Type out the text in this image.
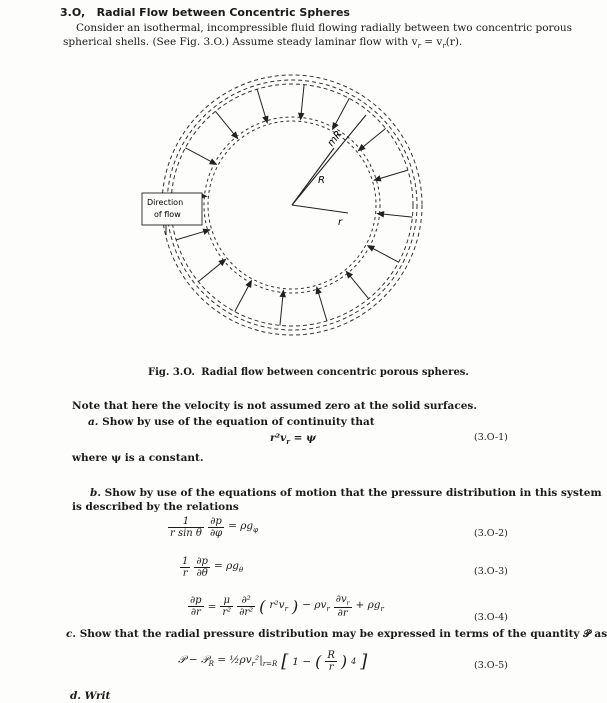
3.O,   Radial Flow between Concentric Spheres
Consider an isothermal, incompressible fluid flowing radially between two concentric porous
spherical shells. (See Fig. 3.O.) Assume steady laminar flow with $v_r = v_r(r)$.
mR
R
r
Direction
of flow
Fig. 3.O. Radial flow between concentric porous spheres.
Note that here the velocity is not assumed zero at the solid surfaces.
a. Show by use of the equation of continuity that
$r^2v_r = \psi$	(3.O-1)
where ψ is a constant.
b. Show by use of the equations of motion that the pressure distribution in this system
is described by the relations
$\frac{1}{\text{r sin θ}} \frac{\partial p}{\partial\varphi} = \rho g_\varphi$	(3.O-2)
$\frac{1}{r} \frac{\partial p}{\partial\theta} = \rho g_\theta$	(3.O-3)
$\frac{\partial p}{\partial r} = \frac{\mu}{\text{r²}} \frac{\text{∂²}}{\text{∂r²}}$ ( $r^2v_r$ ) − $\rho v_r \frac{\partial v_r}{\partial r} + \rho g_r$
(3.O-4)
c. Show that the radial pressure distribution may be expressed in terms of the quantity 𝒫 as
𝒫 − 𝒫$_R$ = $\frac{1}{2}\rho v_r^2|_{r=R}$ [ 1 − ( $\frac{R}{r}$ ) 4 ]	(3.O-5)
d. Writ
